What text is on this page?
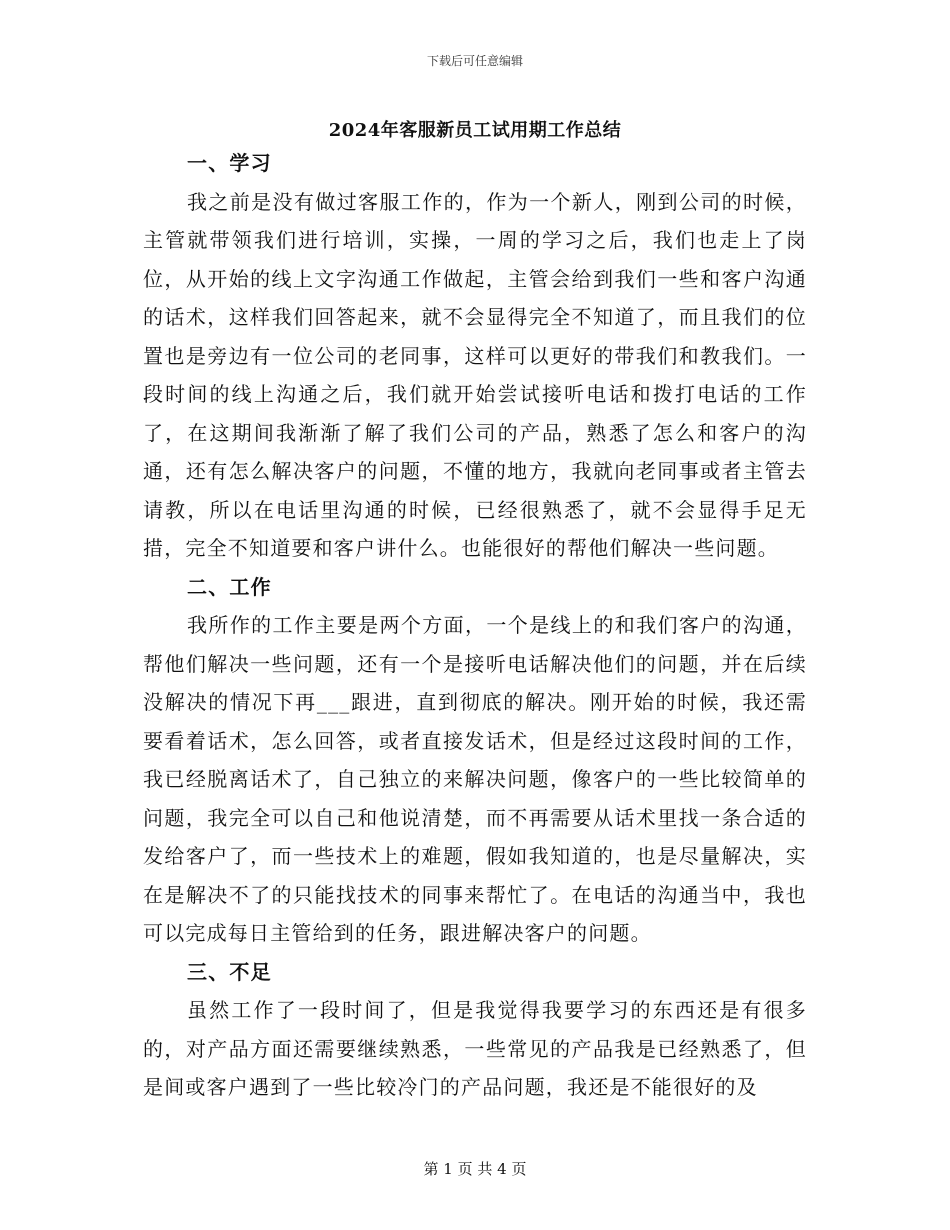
下载后可任意编辑
2024年客服新员工试用期工作总结

一、学习

我之前是没有做过客服工作的，作为一个新人，刚到公司的时候，主管就带领我们进行培训，实操，一周的学习之后，我们也走上了岗位，从开始的线上文字沟通工作做起，主管会给到我们一些和客户沟通的话术，这样我们回答起来，就不会显得完全不知道了，而且我们的位置也是旁边有一位公司的老同事，这样可以更好的带我们和教我们。一段时间的线上沟通之后，我们就开始尝试接听电话和拨打电话的工作了，在这期间我渐渐了解了我们公司的产品，熟悉了怎么和客户的沟通，还有怎么解决客户的问题，不懂的地方，我就向老同事或者主管去请教，所以在电话里沟通的时候，已经很熟悉了，就不会显得手足无措，完全不知道要和客户讲什么。也能很好的帮他们解决一些问题。

二、工作

我所作的工作主要是两个方面，一个是线上的和我们客户的沟通，帮他们解决一些问题，还有一个是接听电话解决他们的问题，并在后续没解决的情况下再___跟进，直到彻底的解决。刚开始的时候，我还需要看着话术，怎么回答，或者直接发话术，但是经过这段时间的工作，我已经脱离话术了，自己独立的来解决问题，像客户的一些比较简单的问题，我完全可以自己和他说清楚，而不再需要从话术里找一条合适的发给客户了，而一些技术上的难题，假如我知道的，也是尽量解决，实在是解决不了的只能找技术的同事来帮忙了。在电话的沟通当中，我也可以完成每日主管给到的任务，跟进解决客户的问题。

三、不足

虽然工作了一段时间了，但是我觉得我要学习的东西还是有很多的，对产品方面还需要继续熟悉，一些常见的产品我是已经熟悉了，但是间或客户遇到了一些比较冷门的产品问题，我还是不能很好的及

第 1 页 共 4 页
